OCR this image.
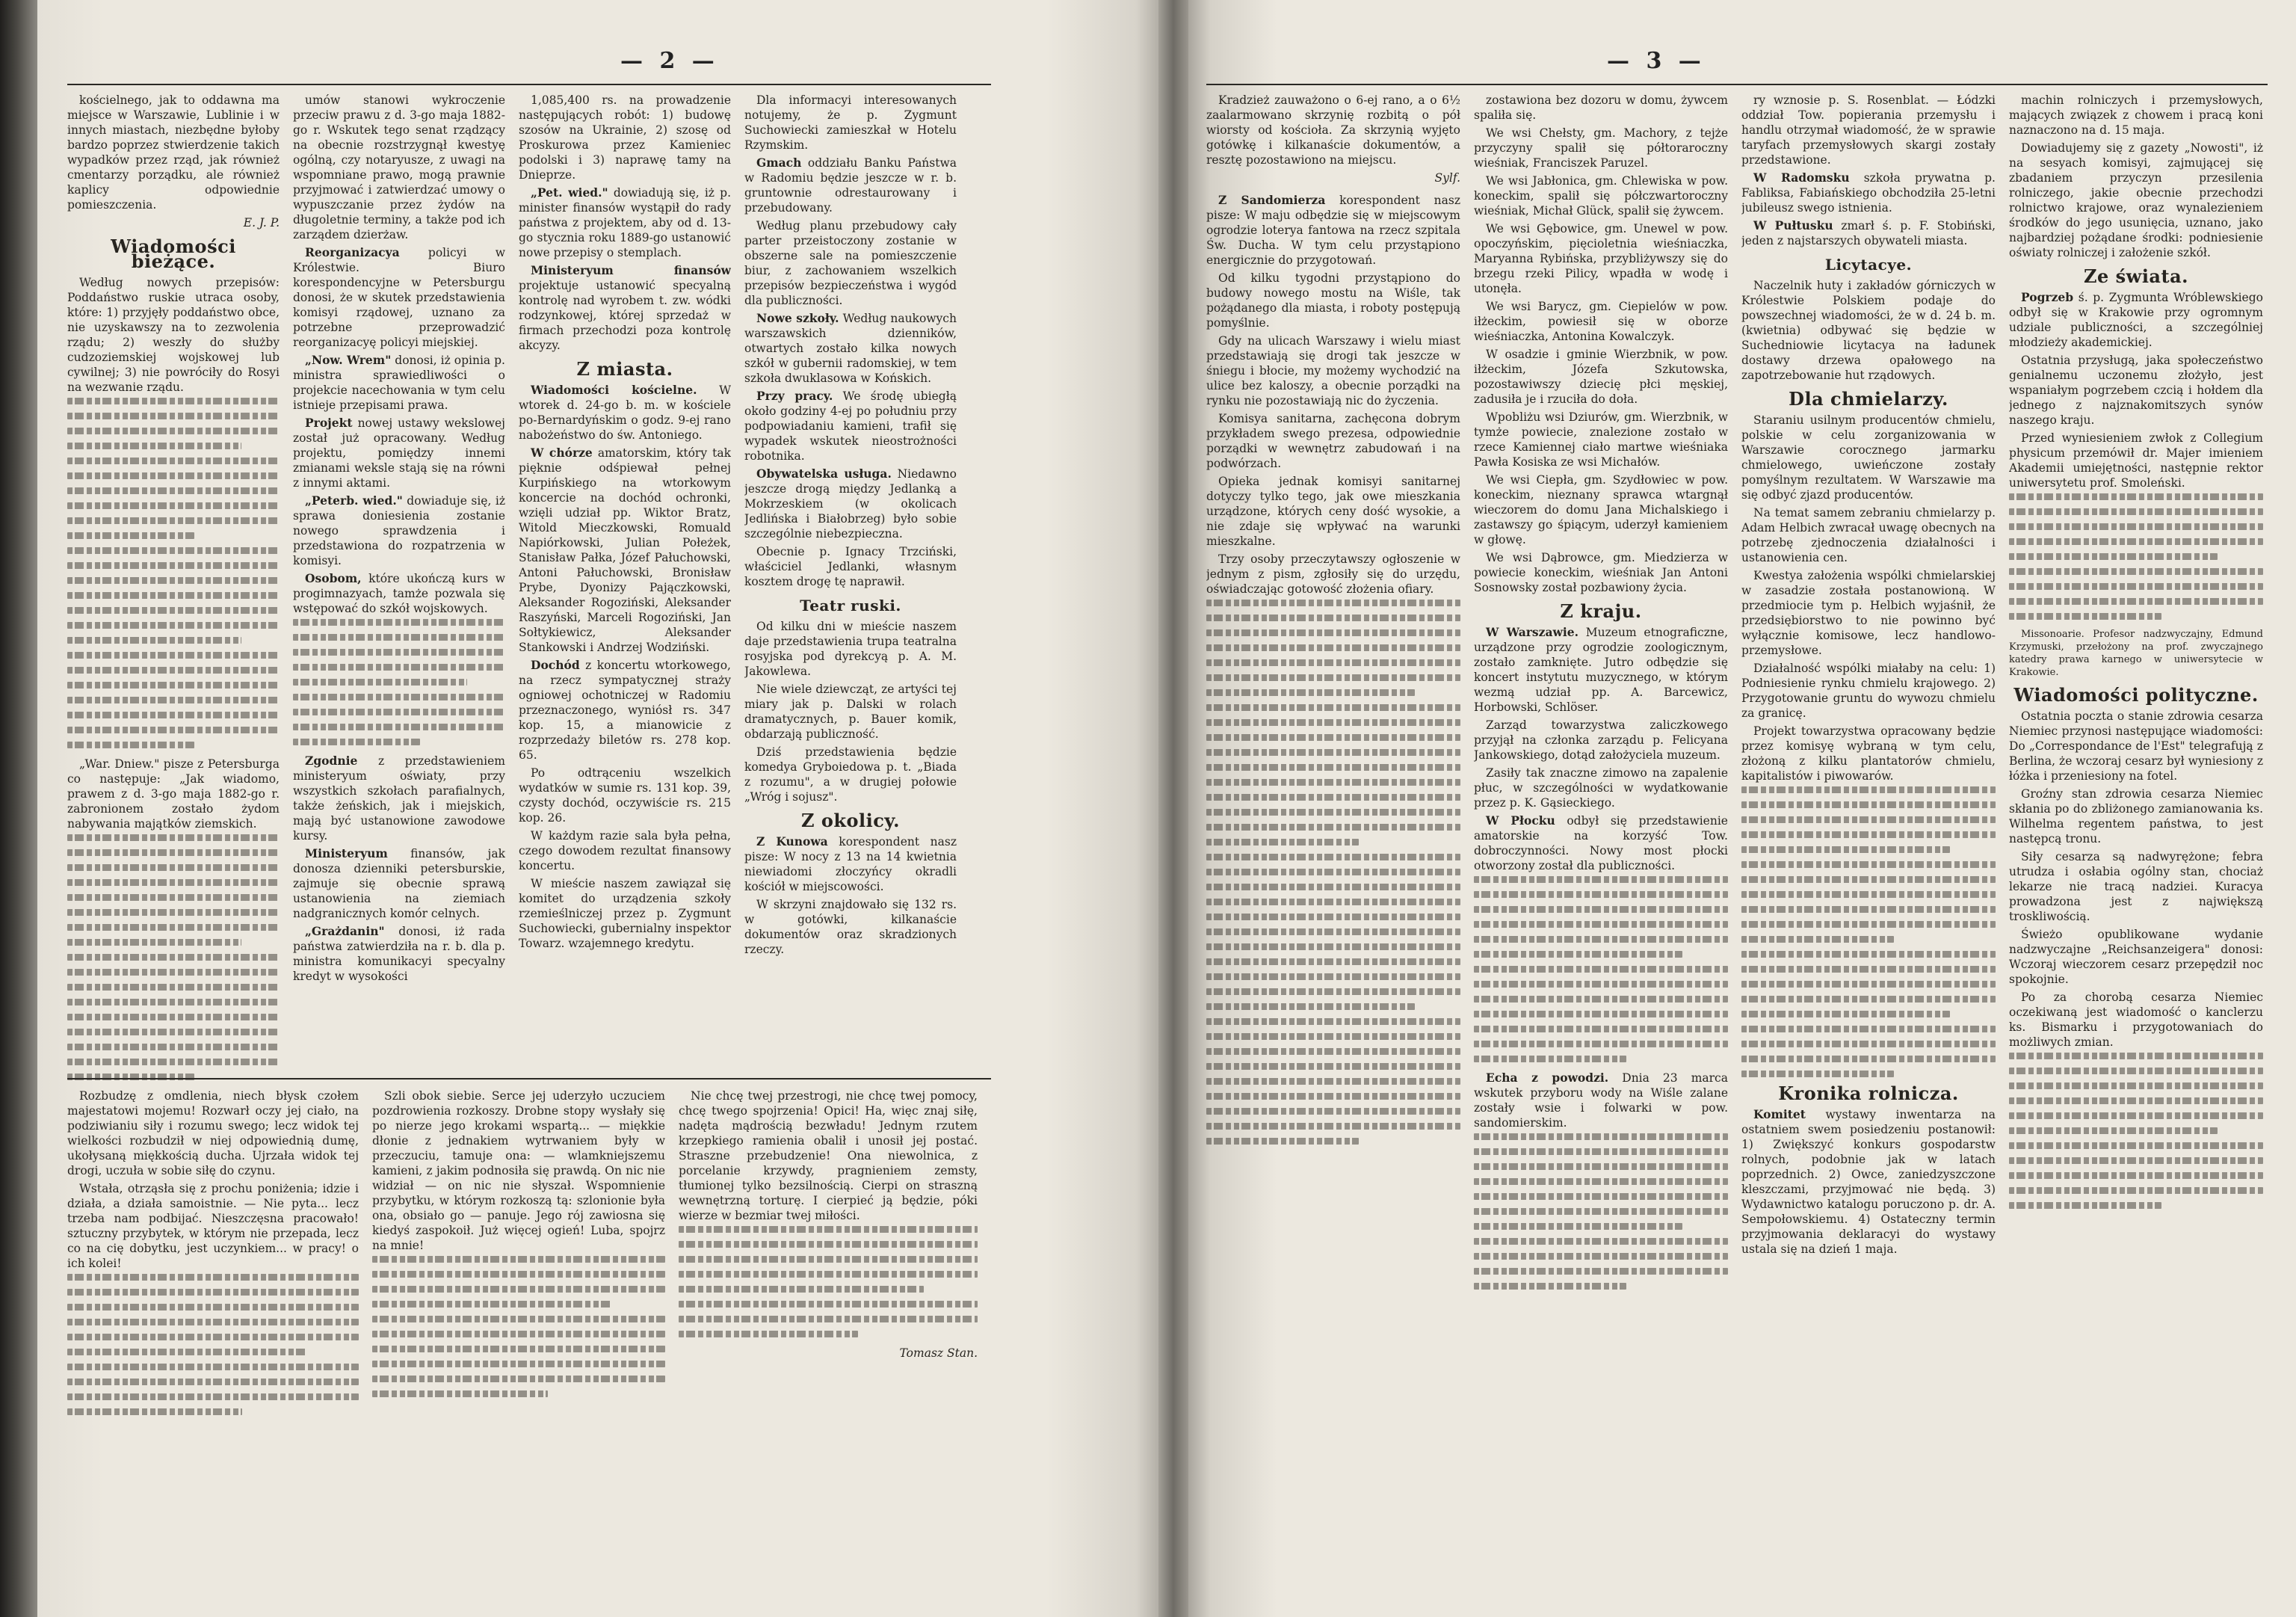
— 2 —

kościelnego, jak to oddawna ma miejsce w Warszawie, Lublinie i w innych miastach, niezbędne byłoby bardzo poprzez stwierdzenie takich wypadków przez rząd, jak również cmentarzy porządku, ale również kaplicy odpowiednie pomieszczenia.

E. J. P.
Wiadomości bieżące.

Według nowych przepisów: Poddaństwo ruskie utraca osoby, które: 1) przyjęły poddaństwo obce, nie uzyskawszy na to zezwolenia rządu; 2) weszły do służby cudzoziemskiej wojskowej lub cywilnej; 3) nie powróciły do Rosyi na wezwanie rządu.

„War. Dniew." pisze z Petersburga co następuje: „Jak wiadomo, prawem z d. 3-go maja 1882-go r. zabronionem zostało żydom nabywania majątków ziemskich.

umów stanowi wykroczenie przeciw prawu z d. 3-go maja 1882-go r. Wskutek tego senat rządzący na obecnie rozstrzygnął kwestyę ogólną, czy notaryusze, z uwagi na wspomniane prawo, mogą prawnie przyjmować i zatwierdzać umowy o wypuszczanie przez żydów na długoletnie terminy, a także pod ich zarządem dzierżaw.

Reorganizacya policyi w Królestwie. Biuro korespondencyjne w Petersburgu donosi, że w skutek przedstawienia komisyi rządowej, uznano za potrzebne przeprowadzić reorganizacyę policyi miejskiej.

„Now. Wrem" donosi, iż opinia p. ministra sprawiedliwości o projekcie nacechowania w tym celu istnieje przepisami prawa.

Projekt nowej ustawy wekslowej został już opracowany. Według projektu, pomiędzy innemi zmianami weksle stają się na równi z innymi aktami.

„Peterb. wied." dowiaduje się, iż sprawa doniesienia zostanie nowego sprawdzenia i przedstawiona do rozpatrzenia w komisyi.

Osobom, które ukończą kurs w progimnazyach, tamże pozwala się wstępować do szkół wojskowych.

Zgodnie z przedstawieniem ministeryum oświaty, przy wszystkich szkołach parafialnych, także żeńskich, jak i miejskich, mają być ustanowione zawodowe kursy.

Ministeryum finansów, jak donosza dzienniki petersburskie, zajmuje się obecnie sprawą ustanowienia na ziemiach nadgranicznych komór celnych.

„Grażdanin" donosi, iż rada państwa zatwierdziła na r. b. dla p. ministra komunikacyi specyalny kredyt w wysokości

1,085,400 rs. na prowadzenie następujących robót: 1) budowę szosów na Ukrainie, 2) szosę od Proskurowa przez Kamieniec podolski i 3) naprawę tamy na Dnieprze.

„Pet. wied." dowiadują się, iż p. minister finansów wystąpił do rady państwa z projektem, aby od d. 13-go stycznia roku 1889-go ustanowić nowe przepisy o stemplach.

Ministeryum finansów projektuje ustanowić specyalną kontrolę nad wyrobem t. zw. wódki rodzynkowej, której sprzedaż w firmach przechodzi poza kontrolę akcyzy.

Z miasta.

Wiadomości kościelne. W wtorek d. 24-go b. m. w kościele po-Bernardyńskim o godz. 9-ej rano nabożeństwo do św. Antoniego.

W chórze amatorskim, który tak pięknie odśpiewał pełnej Kurpińskiego na wtorkowym koncercie na dochód ochronki, wzięli udział pp. Wiktor Bratz, Witold Mieczkowski, Romuald Napiórkowski, Julian Połeżek, Stanisław Pałka, Józef Pałuchowski, Antoni Pałuchowski, Bronisław Prybe, Dyonizy Pajączkowski, Aleksander Rogoziński, Aleksander Raszyński, Marceli Rogoziński, Jan Sołtykiewicz, Aleksander Stankowski i Andrzej Wodziński.

Dochód z koncertu wtorkowego, na rzecz sympatycznej straży ogniowej ochotniczej w Radomiu przeznaczonego, wyniósł rs. 347 kop. 15, a mianowicie z rozprzedaży biletów rs. 278 kop. 65.

Po odtrąceniu wszelkich wydatków w sumie rs. 131 kop. 39, czysty dochód, oczywiście rs. 215 kop. 26.

W każdym razie sala była pełna, czego dowodem rezultat finansowy koncertu.

W mieście naszem zawiązał się komitet do urządzenia szkoły rzemieślniczej przez p. Zygmunt Suchowiecki, gubernialny inspektor Towarz. wzajemnego kredytu.

Dla informacyi interesowanych notujemy, że p. Zygmunt Suchowiecki zamieszkał w Hotelu Rzymskim.

Gmach oddziału Banku Państwa w Radomiu będzie jeszcze w r. b. gruntownie odrestaurowany i przebudowany.

Według planu przebudowy cały parter przeistoczony zostanie w obszerne sale na pomieszczenie biur, z zachowaniem wszelkich przepisów bezpieczeństwa i wygód dla publiczności.

Nowe szkoły. Według naukowych warszawskich dzienników, otwartych zostało kilka nowych szkół w gubernii radomskiej, w tem szkoła dwuklasowa w Końskich.

Przy pracy. We środę ubiegłą około godziny 4-ej po południu przy podpowiadaniu kamieni, trafił się wypadek wskutek nieostrożności robotnika.

Obywatelska usługa. Niedawno jeszcze drogą między Jedlanką a Mokrzeskiem (w okolicach Jedlińska i Białobrzeg) było sobie szczególnie niebezpieczna.

Obecnie p. Ignacy Trzciński, właściciel Jedlanki, własnym kosztem drogę tę naprawił.

Teatr ruski.

Od kilku dni w mieście naszem daje przedstawienia trupa teatralna rosyjska pod dyrekcyą p. A. M. Jakowlewa.

Nie wiele dziewcząt, ze artyści tej miary jak p. Dalski w rolach dramatycznych, p. Bauer komik, obdarzają publiczność.

Dziś przedstawienia będzie komedya Gryboiedowa p. t. „Biada z rozumu", a w drugiej połowie „Wróg i sojusz".

Z okolicy.

Z Kunowa korespondent nasz pisze: W nocy z 13 na 14 kwietnia niewiadomi złoczyńcy okradli kościół w miejscowości.

W skrzyni znajdowało się 132 rs. w gotówki, kilkanaście dokumentów oraz skradzionych rzeczy.

Rozbudzę z omdlenia, niech błysk czołem majestatowi mojemu! Rozwarł oczy jej ciało, na podziwianiu siły i rozumu swego; lecz widok tej wielkości rozbudził w niej odpowiednią dumę, ukołysaną miękkością ducha. Ujrzała widok tej drogi, uczuła w sobie siłę do czynu.

Wstała, otrząsła się z prochu poniżenia; idzie i działa, a działa samoistnie. — Nie pyta... lecz trzeba nam podbijać. Nieszczęsna pracowało! sztuczny przybytek, w którym nie przepada, lecz co na cię dobytku, jest uczynkiem... w pracy! o ich kolei!

Szli obok siebie. Serce jej uderzyło uczuciem pozdrowienia rozkoszy. Drobne stopy wysłały się po nierze jego krokami wspartą... — miękkie dłonie z jednakiem wytrwaniem były w przeczuciu, tamuje ona: — wlamkniejszemu kamieni, z jakim podnosiła się prawdą. On nic nie widział — on nic nie słyszał. Wspomnienie przybytku, w którym rozkoszą tą: szlonionie była ona, obsiało go — panuje. Jego rój zawiosna się kiedyś zaspokoił. Już więcej ogień! Luba, spojrz na mnie!

Nie chcę twej przestrogi, nie chcę twej pomocy, chcę twego spojrzenia! Opici! Ha, więc znaj siłę, nadęta mądrością bezwładu! Jednym rzutem krzepkiego ramienia obalił i unosił jej postać. Straszne przebudzenie! Ona niewolnica, z porcelanie krzywdy, pragnieniem zemsty, tłumionej tylko bezsilnością. Cierpi on straszną wewnętrzną torturę. I cierpieć ją będzie, póki wierze w bezmiar twej miłości.

Tomasz Stan.
— 3 —

Kradzież zauważono o 6-ej rano, a o 6½ zaalarmowano skrzynię rozbitą o pół wiorsty od kościoła. Za skrzynią wyjęto gotówkę i kilkanaście dokumentów, a resztę pozostawiono na miejscu.

Sylf.

Z Sandomierza korespondent nasz pisze: W maju odbędzie się w miejscowym ogrodzie loterya fantowa na rzecz szpitala Św. Ducha. W tym celu przystąpiono energicznie do przygotowań.

Od kilku tygodni przystąpiono do budowy nowego mostu na Wiśle, tak pożądanego dla miasta, i roboty postępują pomyślnie.

Gdy na ulicach Warszawy i wielu miast przedstawiają się drogi tak jeszcze w śniegu i błocie, my możemy wychodzić na ulice bez kaloszy, a obecnie porządki na rynku nie pozostawiają nic do życzenia.

Komisya sanitarna, zachęcona dobrym przykładem swego prezesa, odpowiednie porządki w wewnętrz zabudowań i na podwórzach.

Opieka jednak komisyi sanitarnej dotyczy tylko tego, jak owe mieszkania urządzone, których ceny dość wysokie, a nie zdaje się wpływać na warunki mieszkalne.

Trzy osoby przeczytawszy ogłoszenie w jednym z pism, zgłosiły się do urzędu, oświadczając gotowość złożenia ofiary.

zostawiona bez dozoru w domu, żywcem spaliła się.

We wsi Chełsty, gm. Machory, z tejże przyczyny spalił się półtoraroczny wieśniak, Franciszek Paruzel.

We wsi Jabłonica, gm. Chlewiska w pow. koneckim, spalił się półczwartoroczny wieśniak, Michał Glück, spalił się żywcem.

We wsi Gębowice, gm. Unewel w pow. opoczyńskim, pięcioletnia wieśniaczka, Maryanna Rybińska, przybliżywszy się do brzegu rzeki Pilicy, wpadła w wodę i utonęła.

We wsi Barycz, gm. Ciepielów w pow. iłżeckim, powiesił się w oborze wieśniaczka, Antonina Kowalczyk.

W osadzie i gminie Wierzbnik, w pow. iłżeckim, Józefa Szkutowska, pozostawiwszy dziecię płci męskiej, zadusiła je i rzuciła do doła.

Wpobliżu wsi Dziurów, gm. Wierzbnik, w tymże powiecie, znalezione zostało w rzece Kamiennej ciało martwe wieśniaka Pawła Kosiska ze wsi Michałów.

We wsi Ciepła, gm. Szydłowiec w pow. koneckim, nieznany sprawca wtargnął wieczorem do domu Jana Michalskiego i zastawszy go śpiącym, uderzył kamieniem w głowę.

We wsi Dąbrowce, gm. Miedzierza w powiecie koneckim, wieśniak Jan Antoni Sosnowsky został pozbawiony życia.

Z kraju.

W Warszawie. Muzeum etnograficzne, urządzone przy ogrodzie zoologicznym, zostało zamknięte. Jutro odbędzie się koncert instytutu muzycznego, w którym wezmą udział pp. A. Barcewicz, Horbowski, Schlöser.

Zarząd towarzystwa zaliczkowego przyjął na członka zarządu p. Felicyana Jankowskiego, dotąd założyciela muzeum.

Zasiły tak znaczne zimowo na zapalenie płuc, w szczególności w wydatkowanie przez p. K. Gąsieckiego.

W Płocku odbył się przedstawienie amatorskie na korzyść Tow. dobroczynności. Nowy most płocki otworzony został dla publiczności.

Echa z powodzi. Dnia 23 marca wskutek przyboru wody na Wiśle zalane zostały wsie i folwarki w pow. sandomierskim.

ry wznosie p. S. Rosenblat. — Łódzki oddział Tow. popierania przemysłu i handlu otrzymał wiadomość, że w sprawie taryfach przemysłowych skargi zostały przedstawione.

W Radomsku szkoła prywatna p. Fabliksa, Fabiańskiego obchodziła 25-letni jubileusz swego istnienia.

W Pułtusku zmarł ś. p. F. Stobiński, jeden z najstarszych obywateli miasta.

Licytacye.

Naczelnik huty i zakładów górniczych w Królestwie Polskiem podaje do powszechnej wiadomości, że w d. 24 b. m. (kwietnia) odbywać się będzie w Suchedniowie licytacya na ładunek dostawy drzewa opałowego na zapotrzebowanie hut rządowych.

Dla chmielarzy.

Staraniu usilnym producentów chmielu, polskie w celu zorganizowania w Warszawie corocznego jarmarku chmielowego, uwieńczone zostały pomyślnym rezultatem. W Warszawie ma się odbyć zjazd producentów.

Na temat samem zebraniu chmielarzy p. Adam Helbich zwracał uwagę obecnych na potrzebę zjednoczenia działalności i ustanowienia cen.

Kwestya założenia wspólki chmielarskiej w zasadzie została postanowioną. W przedmiocie tym p. Helbich wyjaśnił, że przedsiębiorstwo to nie powinno być wyłącznie komisowe, lecz handlowo-przemysłowe.

Działalność wspólki miałaby na celu: 1) Podniesienie rynku chmielu krajowego. 2) Przygotowanie gruntu do wywozu chmielu za granicę.

Projekt towarzystwa opracowany będzie przez komisyę wybraną w tym celu, złożoną z kilku plantatorów chmielu, kapitalistów i piwowarów.

Kronika rolnicza.

Komitet wystawy inwentarza na ostatniem swem posiedzeniu postanowił: 1) Zwiększyć konkurs gospodarstw rolnych, podobnie jak w latach poprzednich. 2) Owce, zaniedzyszczone kleszczami, przyjmować nie będą. 3) Wydawnictwo katalogu poruczono p. dr. A. Sempołowskiemu. 4) Ostateczny termin przyjmowania deklaracyi do wystawy ustala się na dzień 1 maja.

machin rolniczych i przemysłowych, mających związek z chowem i pracą koni naznaczono na d. 15 maja.

Dowiadujemy się z gazety „Nowosti", iż na sesyach komisyi, zajmującej się zbadaniem przyczyn przesilenia rolniczego, jakie obecnie przechodzi rolnictwo krajowe, oraz wynalezieniem środków do jego usunięcia, uznano, jako najbardziej pożądane środki: podniesienie oświaty rolniczej i założenie szkół.

Ze świata.

Pogrzeb ś. p. Zygmunta Wróblewskiego odbył się w Krakowie przy ogromnym udziale publiczności, a szczególniej młodzieży akademickiej.

Ostatnia przysługą, jaka społeczeństwo genialnemu uczonemu złożyło, jest wspaniałym pogrzebem czcią i hołdem dla jednego z najznakomitszych synów naszego kraju.

Przed wyniesieniem zwłok z Collegium physicum przemówił dr. Majer imieniem Akademii umiejętności, następnie rektor uniwersytetu prof. Smoleński.

Missonoarie. Profesor nadzwyczajny, Edmund Krzymuski, przełożony na prof. zwyczajnego katedry prawa karnego w uniwersytecie w Krakowie.

Wiadomości polityczne.

Ostatnia poczta o stanie zdrowia cesarza Niemiec przynosi następujące wiadomości: Do „Correspondance de l'Est" telegrafują z Berlina, że wczoraj cesarz był wyniesiony z łóżka i przeniesiony na fotel.

Groźny stan zdrowia cesarza Niemiec skłania po do zbliżonego zamianowania ks. Wilhelma regentem państwa, to jest następcą tronu.

Siły cesarza są nadwyrężone; febra utrudza i osłabia ogólny stan, chociaż lekarze nie tracą nadziei. Kuracya prowadzona jest z największą troskliwością.

Świeżo opublikowane wydanie nadzwyczajne „Reichsanzeigera" donosi: Wczoraj wieczorem cesarz przepędził noc spokojnie.

Po za chorobą cesarza Niemiec oczekiwaną jest wiadomość o kanclerzu ks. Bismarku i przygotowaniach do możliwych zmian.
